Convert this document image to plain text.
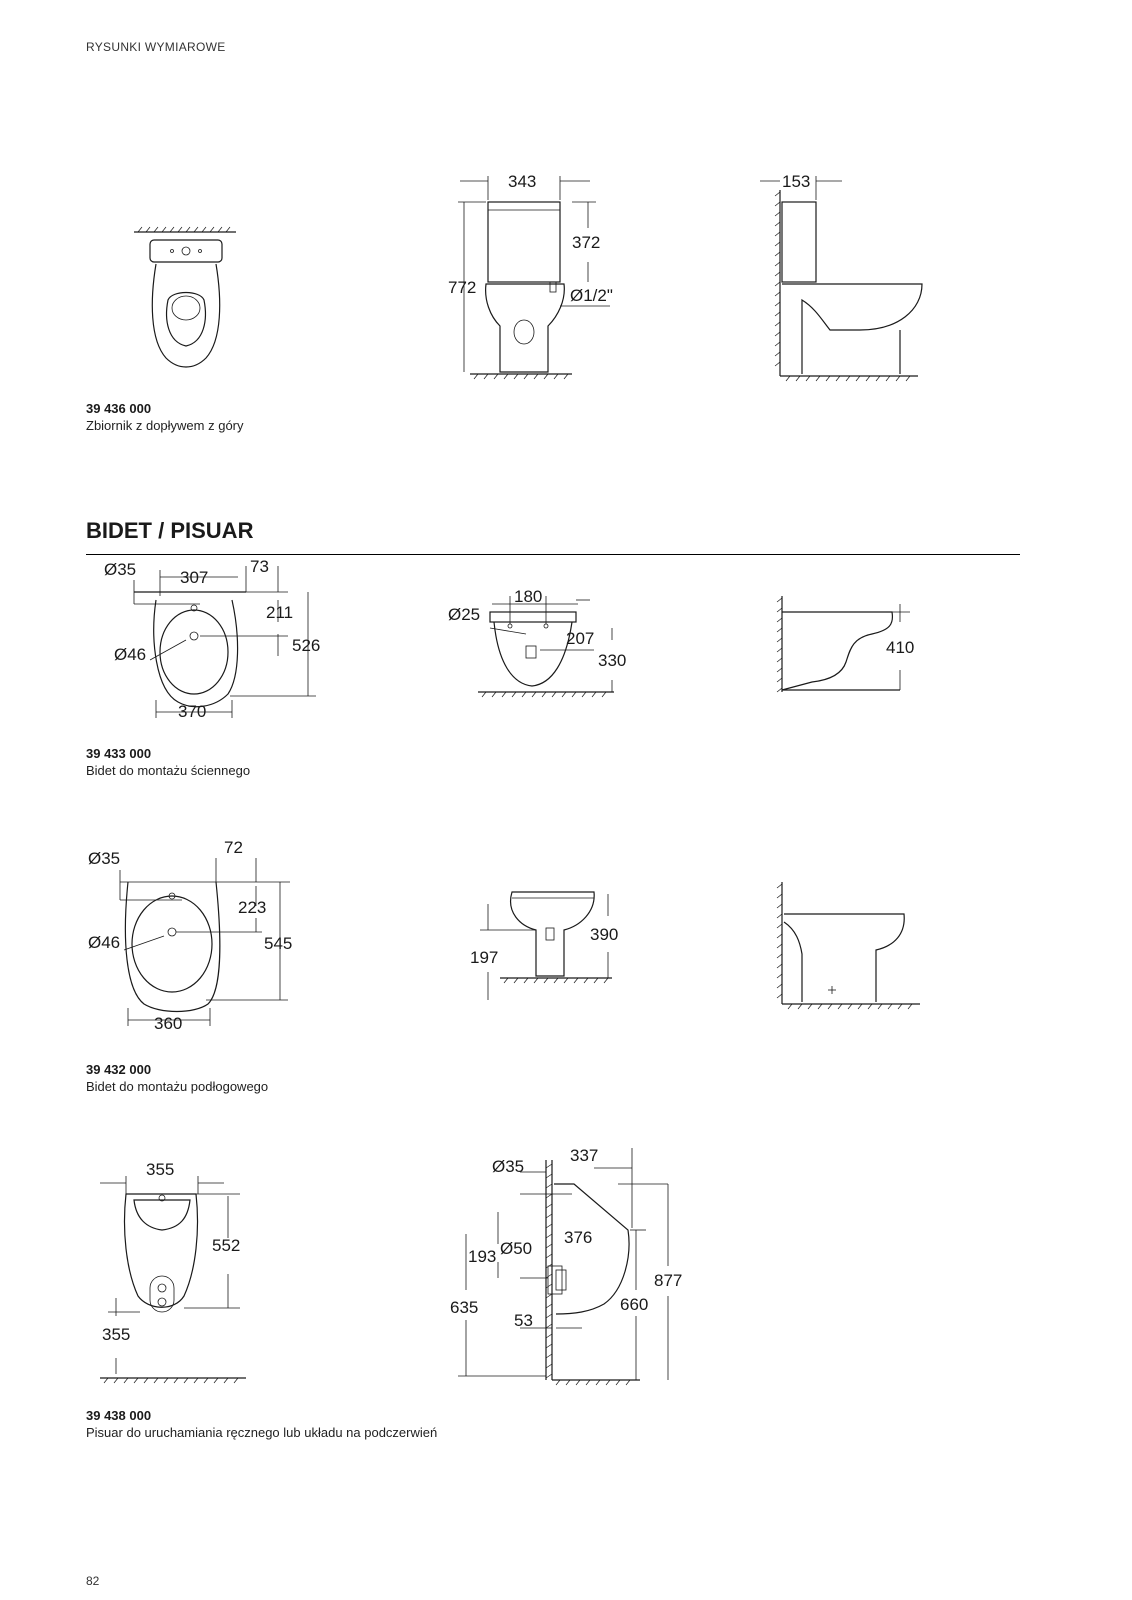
RYSUNKI WYMIAROWE
343
372
772	Ø1/2ʺ
153
Ø35	307
73
211
526
Ø46
370
180
Ø25
207
330
410
Ø35
72
223
545
Ø46
360
390
197
355
552
355
Ø35
337
376
193 Ø50
877
660
635
53
39 436 000
Zbiornik z dopływem z góry
BIDET / PISUAR
39 433 000
Bidet do montażu ściennego
39 432 000
Bidet do montażu podłogowego
39 438 000
Pisuar do uruchamiania ręcznego lub układu na podczerwień
82
